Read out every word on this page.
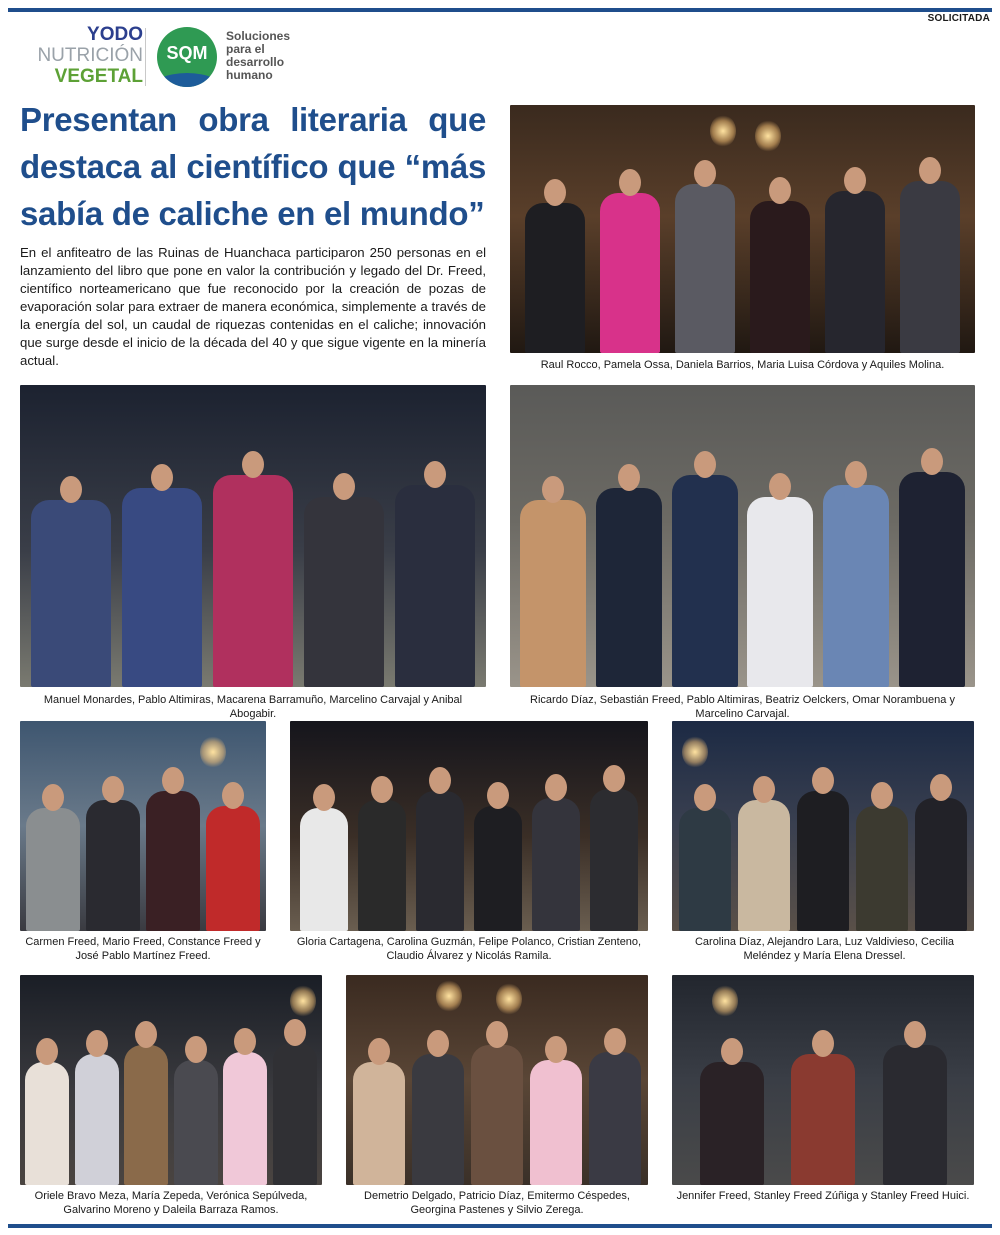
SOLICITADA
YODO
NUTRICIÓN
VEGETAL
SQM
Soluciones para el desarrollo humano
Presentan obra literaria que destaca al científico que “más sabía de caliche en el mundo”

En el anfiteatro de las Ruinas de Huanchaca participaron 250 personas en el lanzamiento del libro que pone en valor la contribución y legado del Dr. Freed, científico norteamericano que fue reconocido por la creación de pozas de evaporación solar para extraer de manera económica, simplemente a través de la energía del sol, un caudal de riquezas contenidas en el caliche; innovación que surge desde el inicio de la década del 40 y que sigue vigente en la minería actual.	Raul Rocco, Pamela Ossa, Daniela Barrios, Maria Luisa Córdova y Aquiles Molina.
Manuel Monardes, Pablo Altimiras, Macarena Barramuño, Marcelino Carvajal y Anibal Abogabir.
Ricardo Díaz, Sebastián Freed, Pablo Altimiras, Beatriz Oelckers, Omar Norambuena y Marcelino Carvajal.
Carmen Freed, Mario Freed, Constance Freed y José Pablo Martínez Freed.
Gloria Cartagena, Carolina Guzmán, Felipe Polanco, Cristian Zenteno, Claudio Álvarez y Nicolás Ramila.
Carolina Díaz, Alejandro Lara, Luz Valdivieso, Cecilia Meléndez y María Elena Dressel.
Oriele Bravo Meza, María Zepeda, Verónica Sepúlveda, Galvarino Moreno y Daleila Barraza Ramos.
Demetrio Delgado, Patricio Díaz, Emitermo Céspedes, Georgina Pastenes y Silvio Zerega.
Jennifer Freed, Stanley Freed Zúñiga y Stanley Freed Huici.
